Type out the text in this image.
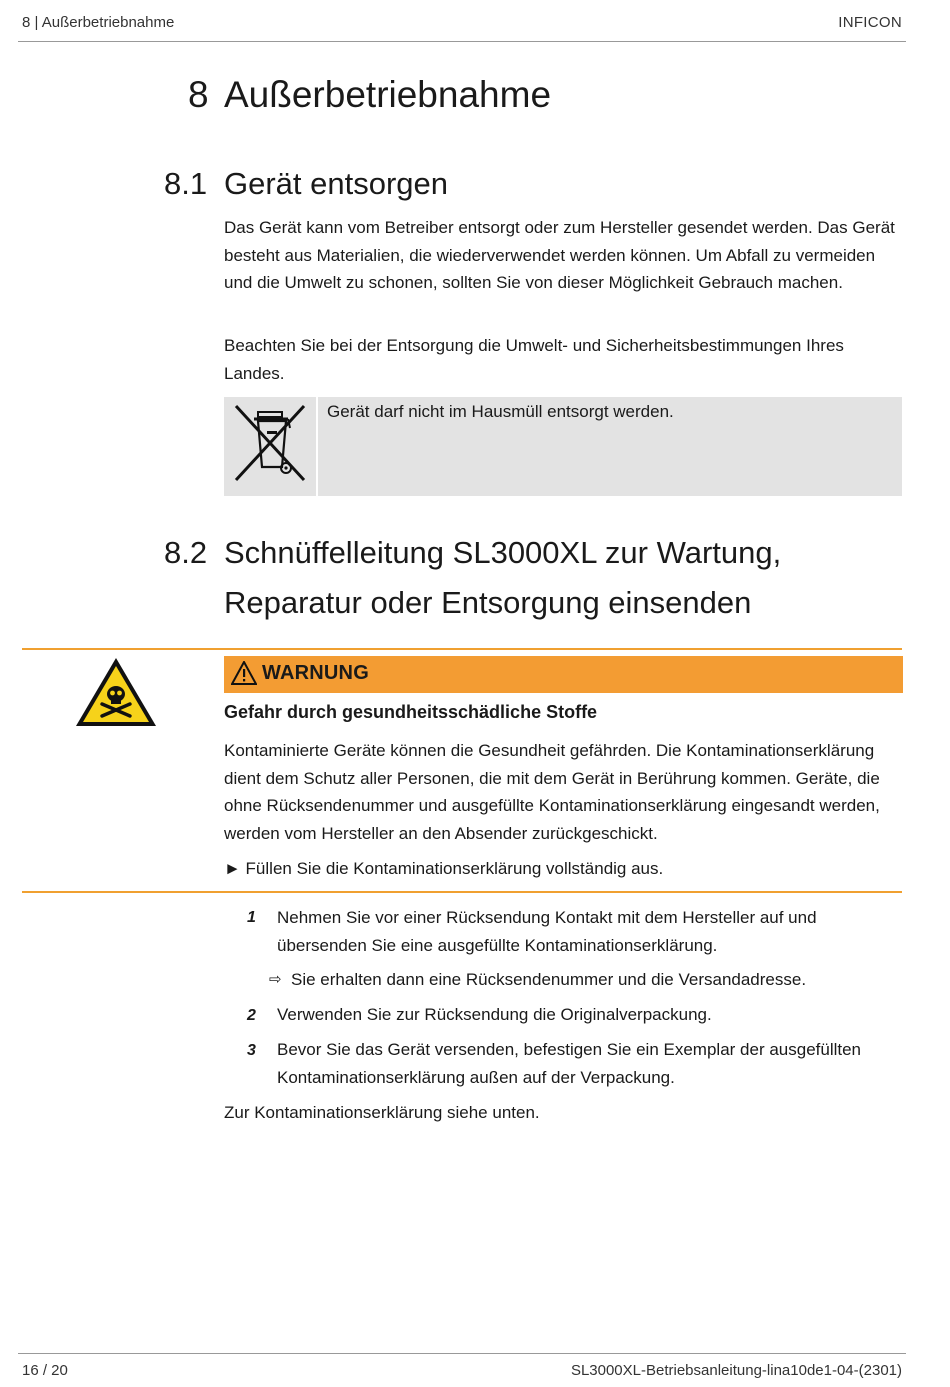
8 | Außerbetriebnahme	INFICON
8 Außerbetriebnahme
8.1 Gerät entsorgen
Das Gerät kann vom Betreiber entsorgt oder zum Hersteller gesendet werden. Das Gerät besteht aus Materialien, die wiederverwendet werden können. Um Abfall zu vermeiden und die Umwelt zu schonen, sollten Sie von dieser Möglichkeit Gebrauch machen.
Beachten Sie bei der Entsorgung die Umwelt- und Sicherheitsbestimmungen Ihres Landes.
Gerät darf nicht im Hausmüll entsorgt werden.
8.2 Schnüffelleitung SL3000XL zur Wartung,
Reparatur oder Entsorgung einsenden
WARNUNG
Gefahr durch gesundheitsschädliche Stoffe
Kontaminierte Geräte können die Gesundheit gefährden. Die Kontaminationserklärung dient dem Schutz aller Personen, die mit dem Gerät in Berührung kommen. Geräte, die ohne Rücksendenummer und ausgefüllte Kontaminationserklärung eingesandt werden, werden vom Hersteller an den Absender zurückgeschickt.
► Füllen Sie die Kontaminationserklärung vollständig aus.
1 Nehmen Sie vor einer Rücksendung Kontakt mit dem Hersteller auf und übersenden Sie eine ausgefüllte Kontaminationserklärung.
⇨ Sie erhalten dann eine Rücksendenummer und die Versandadresse.
2 Verwenden Sie zur Rücksendung die Originalverpackung.
3 Bevor Sie das Gerät versenden, befestigen Sie ein Exemplar der ausgefüllten Kontaminationserklärung außen auf der Verpackung.
Zur Kontaminationserklärung siehe unten.
16 / 20	SL3000XL-Betriebsanleitung-lina10de1-04-(2301)
